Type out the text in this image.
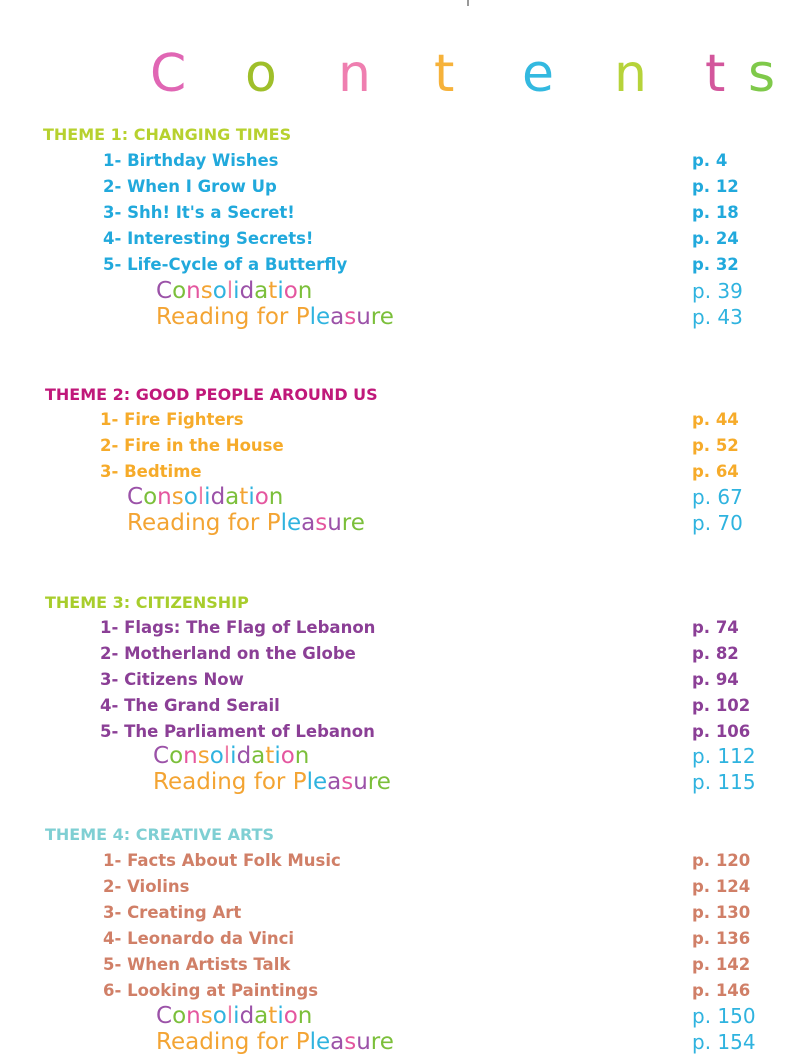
C o n t e n t s
THEME 1: CHANGING TIMES
1- Birthday Wishes	p. 4
2- When I Grow Up	p. 12
3- Shh! It's a Secret!	p. 18
4- Interesting Secrets!	p. 24
5- Life-Cycle of a Butterfly	p. 32
Consolidation	p. 39
Reading for Pleasure	p. 43
THEME 2: GOOD PEOPLE AROUND US
1- Fire Fighters	p. 44
2- Fire in the House	p. 52
3- Bedtime	p. 64
Consolidation	p. 67
Reading for Pleasure	p. 70
THEME 3: CITIZENSHIP
1- Flags: The Flag of Lebanon	p. 74
2- Motherland on the Globe	p. 82
3- Citizens Now	p. 94
4- The Grand Serail	p. 102
5- The Parliament of Lebanon	p. 106
Consolidation	p. 112
Reading for Pleasure	p. 115
THEME 4: CREATIVE ARTS
1- Facts About Folk Music	p. 120
2- Violins	p. 124
3- Creating Art	p. 130
4- Leonardo da Vinci	p. 136
5- When Artists Talk	p. 142
6- Looking at Paintings	p. 146
Consolidation	p. 150
Reading for Pleasure	p. 154
